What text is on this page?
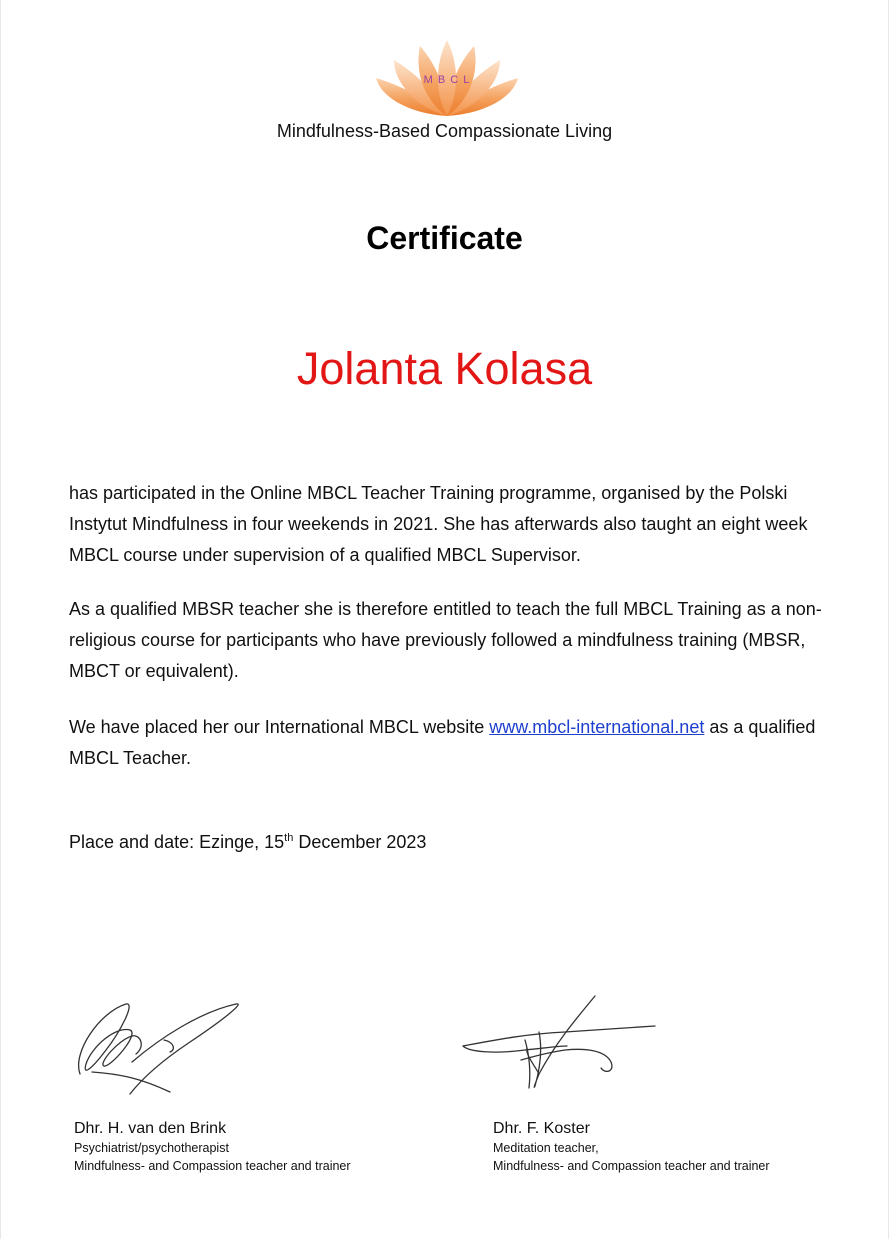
M B C L
Mindfulness-Based Compassionate Living
Certificate
Jolanta Kolasa
has participated in the Online MBCL Teacher Training programme, organised by the Polski Instytut Mindfulness in four weekends in 2021. She has afterwards also taught an eight week MBCL course under supervision of a qualified MBCL Supervisor.
As a qualified MBSR teacher she is therefore entitled to teach the full MBCL Training as a non-religious course for participants who have previously followed a mindfulness training (MBSR, MBCT or equivalent).
We have placed her our International MBCL website www.mbcl-international.net as a qualified MBCL Teacher.
Place and date: Ezinge, 15th December 2023
Dhr. H. van den Brink
Psychiatrist/psychotherapist
Mindfulness- and Compassion teacher and trainer
Dhr. F. Koster
Meditation teacher,
Mindfulness- and Compassion teacher and trainer
